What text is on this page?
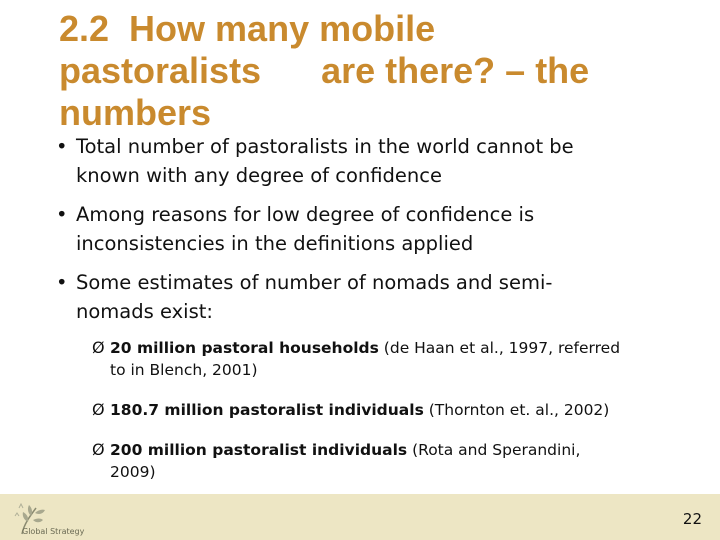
2.2  How many mobile
pastoralists      are there? – the
numbers
• Total number of pastoralists in the world cannot be
known with any degree of confidence
• Among reasons for low degree of confidence is
inconsistencies in the definitions applied
• Some estimates of number of nomads and semi-
nomads exist:
Ø 20 million pastoral households (de Haan et al., 1997, referred
to in Blench, 2001)
Ø 180.7 million pastoralist individuals (Thornton et. al., 2002)
Ø 200 million pastoralist individuals (Rota and Sperandini,
2009)
Global Strategy
22
